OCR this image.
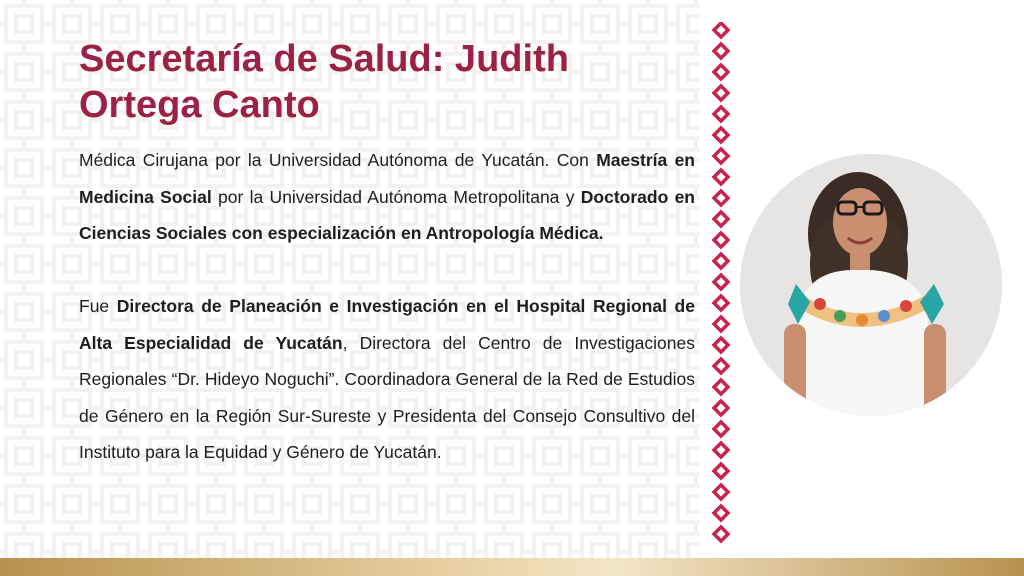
Secretaría de Salud: Judith Ortega Canto

Médica Cirujana por la Universidad Autónoma de Yucatán. Con Maestría en Medicina Social por la Universidad Autónoma Metropolitana y Doctorado en Ciencias Sociales con especialización en Antropología Médica.

Fue Directora de Planeación e Investigación en el Hospital Regional de Alta Especialidad de Yucatán, Directora del Centro de Investigaciones Regionales “Dr. Hideyo Noguchi”. Coordinadora General de la Red de Estudios de Género en la Región Sur-Sureste y Presidenta del Consejo Consultivo del Instituto para la Equidad y Género de Yucatán.
